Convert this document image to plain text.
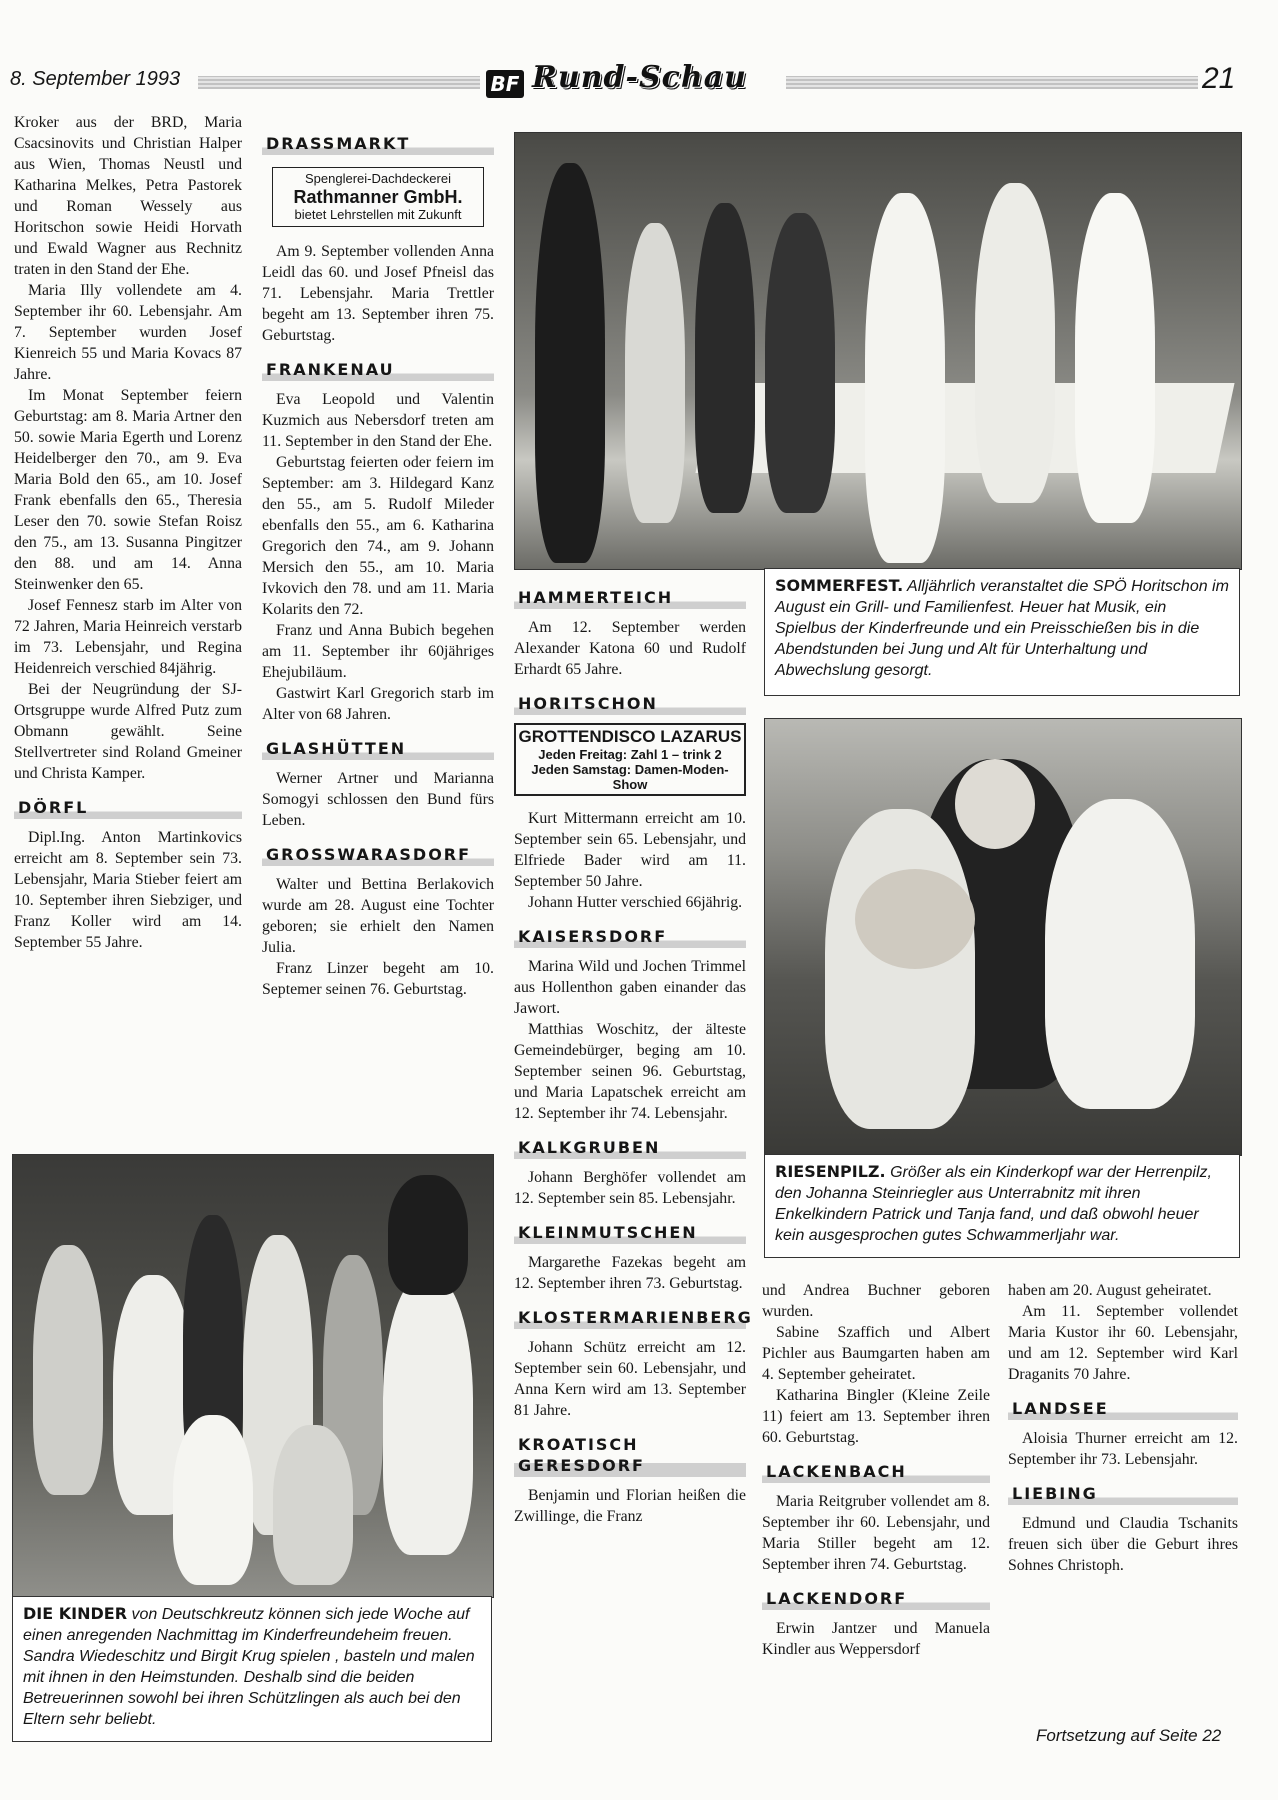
8. September 1993	BF Rund-Schau	21

Kroker aus der BRD, Maria Csacsinovits und Christian Halper aus Wien, Thomas Neustl und Katharina Melkes, Petra Pastorek und Roman Wessely aus Horitschon sowie Heidi Horvath und Ewald Wagner aus Rechnitz traten in den Stand der Ehe.

Maria Illy vollendete am 4. September ihr 60. Lebensjahr. Am 7. September wurden Josef Kienreich 55 und Maria Kovacs 87 Jahre.

Im Monat September feiern Geburtstag: am 8. Maria Artner den 50. sowie Maria Egerth und Lorenz Heidelberger den 70., am 9. Eva Maria Bold den 65., am 10. Josef Frank ebenfalls den 65., Theresia Leser den 70. sowie Stefan Roisz den 75., am 13. Susanna Pingitzer den 88. und am 14. Anna Steinwenker den 65.

Josef Fennesz starb im Alter von 72 Jahren, Maria Heinreich verstarb im 73. Lebensjahr, und Regina Heidenreich verschied 84jährig.

Bei der Neugründung der SJ-Ortsgruppe wurde Alfred Putz zum Obmann gewählt. Seine Stellvertreter sind Roland Gmeiner und Christa Kamper.

DÖRFL

Dipl.Ing. Anton Martinkovics erreicht am 8. September sein 73. Lebensjahr, Maria Stieber feiert am 10. September ihren Siebziger, und Franz Koller wird am 14. September 55 Jahre.

DRASSMARKT
Spenglerei-Dachdeckerei
Rathmanner GmbH.
bietet Lehrstellen mit Zukunft

Am 9. September vollenden Anna Leidl das 60. und Josef Pfneisl das 71. Lebensjahr. Maria Trettler begeht am 13. September ihren 75. Geburtstag.

FRANKENAU

Eva Leopold und Valentin Kuzmich aus Nebersdorf treten am 11. September in den Stand der Ehe.

Geburtstag feierten oder feiern im September: am 3. Hildegard Kanz den 55., am 5. Rudolf Mileder ebenfalls den 55., am 6. Katharina Gregorich den 74., am 9. Johann Mersich den 55., am 10. Maria Ivkovich den 78. und am 11. Maria Kolarits den 72.

Franz und Anna Bubich begehen am 11. September ihr 60jähriges Ehejubiläum.

Gastwirt Karl Gregorich starb im Alter von 68 Jahren.

GLASHÜTTEN

Werner Artner und Marianna Somogyi schlossen den Bund fürs Leben.

GROSSWARASDORF

Walter und Bettina Berlakovich wurde am 28. August eine Tochter geboren; sie erhielt den Namen Julia.

Franz Linzer begeht am 10. Septemer seinen 76. Geburtstag.

SOMMERFEST. Alljährlich veranstaltet die SPÖ Horitschon im August ein Grill- und Familienfest. Heuer hat Musik, ein Spielbus der Kinderfreunde und ein Preisschießen bis in die Abendstunden bei Jung und Alt für Unterhaltung und Abwechslung gesorgt.
HAMMERTEICH

Am 12. September werden Alexander Katona 60 und Rudolf Erhardt 65 Jahre.

HORITSCHON
GROTTENDISCO LAZARUS
Jeden Freitag: Zahl 1 – trink 2
Jeden Samstag: Damen-Moden-Show

Kurt Mittermann erreicht am 10. September sein 65. Lebensjahr, und Elfriede Bader wird am 11. September 50 Jahre.

Johann Hutter verschied 66jährig.

KAISERSDORF

Marina Wild und Jochen Trimmel aus Hollenthon gaben einander das Jawort.

Matthias Woschitz, der älteste Gemeindebürger, beging am 10. September seinen 96. Geburtstag, und Maria Lapatschek erreicht am 12. September ihr 74. Lebensjahr.

KALKGRUBEN

Johann Berghöfer vollendet am 12. September sein 85. Lebensjahr.

KLEINMUTSCHEN

Margarethe Fazekas begeht am 12. September ihren 73. Geburtstag.

KLOSTERMARIENBERG

Johann Schütz erreicht am 12. September sein 60. Lebensjahr, und Anna Kern wird am 13. September 81 Jahre.

KROATISCH GERESDORF

Benjamin und Florian heißen die Zwillinge, die Franz

RIESENPILZ. Größer als ein Kinderkopf war der Herrenpilz, den Johanna Steinriegler aus Unterrabnitz mit ihren Enkelkindern Patrick und Tanja fand, und daß obwohl heuer kein ausgesprochen gutes Schwammerljahr war.
DIE KINDER von Deutschkreutz können sich jede Woche auf einen anregenden Nachmittag im Kinderfreundeheim freuen. Sandra Wiedeschitz und Birgit Krug spielen , basteln und malen mit ihnen in den Heimstunden. Deshalb sind die beiden Betreuerinnen sowohl bei ihren Schützlingen als auch bei den Eltern sehr beliebt.

und Andrea Buchner geboren wurden.

Sabine Szaffich und Albert Pichler aus Baumgarten haben am 4. September geheiratet.

Katharina Bingler (Kleine Zeile 11) feiert am 13. September ihren 60. Geburtstag.

LACKENBACH

Maria Reitgruber vollendet am 8. September ihr 60. Lebensjahr, und Maria Stiller begeht am 12. September ihren 74. Geburtstag.

LACKENDORF

Erwin Jantzer und Manuela Kindler aus Weppersdorf

haben am 20. August geheiratet.

Am 11. September vollendet Maria Kustor ihr 60. Lebensjahr, und am 12. September wird Karl Draganits 70 Jahre.

LANDSEE

Aloisia Thurner erreicht am 12. September ihr 73. Lebensjahr.

LIEBING

Edmund und Claudia Tschanits freuen sich über die Geburt ihres Sohnes Christoph.

Fortsetzung auf Seite 22
